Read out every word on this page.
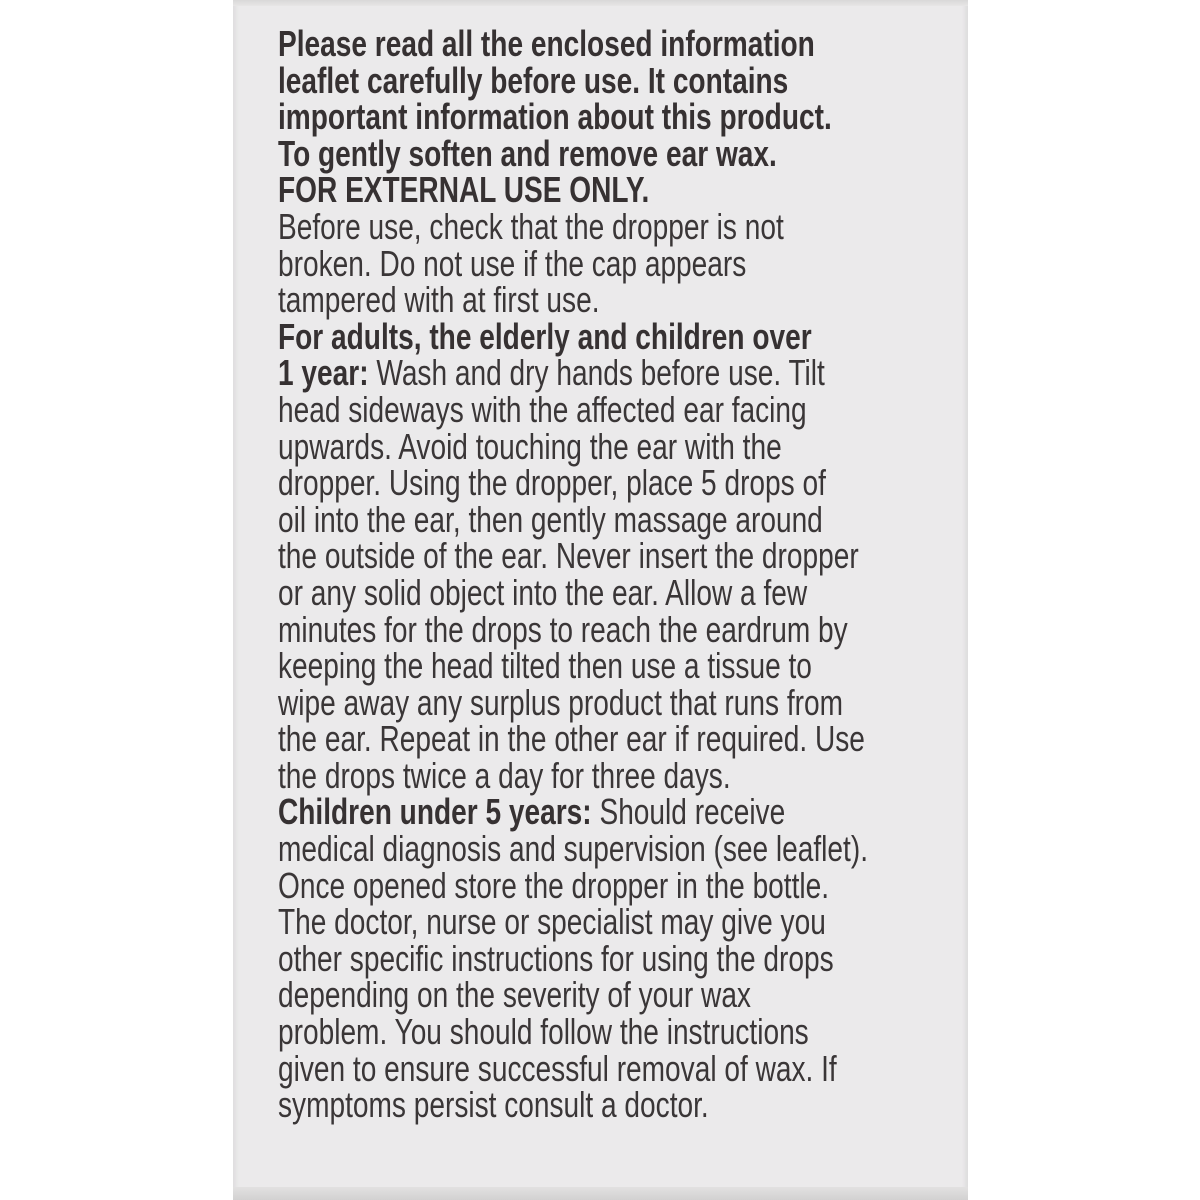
Please read all the enclosed information
leaflet carefully before use. It contains
important information about this product.
To gently soften and remove ear wax.
FOR EXTERNAL USE ONLY.
Before use, check that the dropper is not
broken. Do not use if the cap appears
tampered with at first use.
For adults, the elderly and children over
1 year: Wash and dry hands before use. Tilt
head sideways with the affected ear facing
upwards. Avoid touching the ear with the
dropper. Using the dropper, place 5 drops of
oil into the ear, then gently massage around
the outside of the ear. Never insert the dropper
or any solid object into the ear. Allow a few
minutes for the drops to reach the eardrum by
keeping the head tilted then use a tissue to
wipe away any surplus product that runs from
the ear. Repeat in the other ear if required. Use
the drops twice a day for three days.
Children under 5 years: Should receive
medical diagnosis and supervision (see leaflet).
Once opened store the dropper in the bottle.
The doctor, nurse or specialist may give you
other specific instructions for using the drops
depending on the severity of your wax
problem. You should follow the instructions
given to ensure successful removal of wax. If
symptoms persist consult a doctor.
